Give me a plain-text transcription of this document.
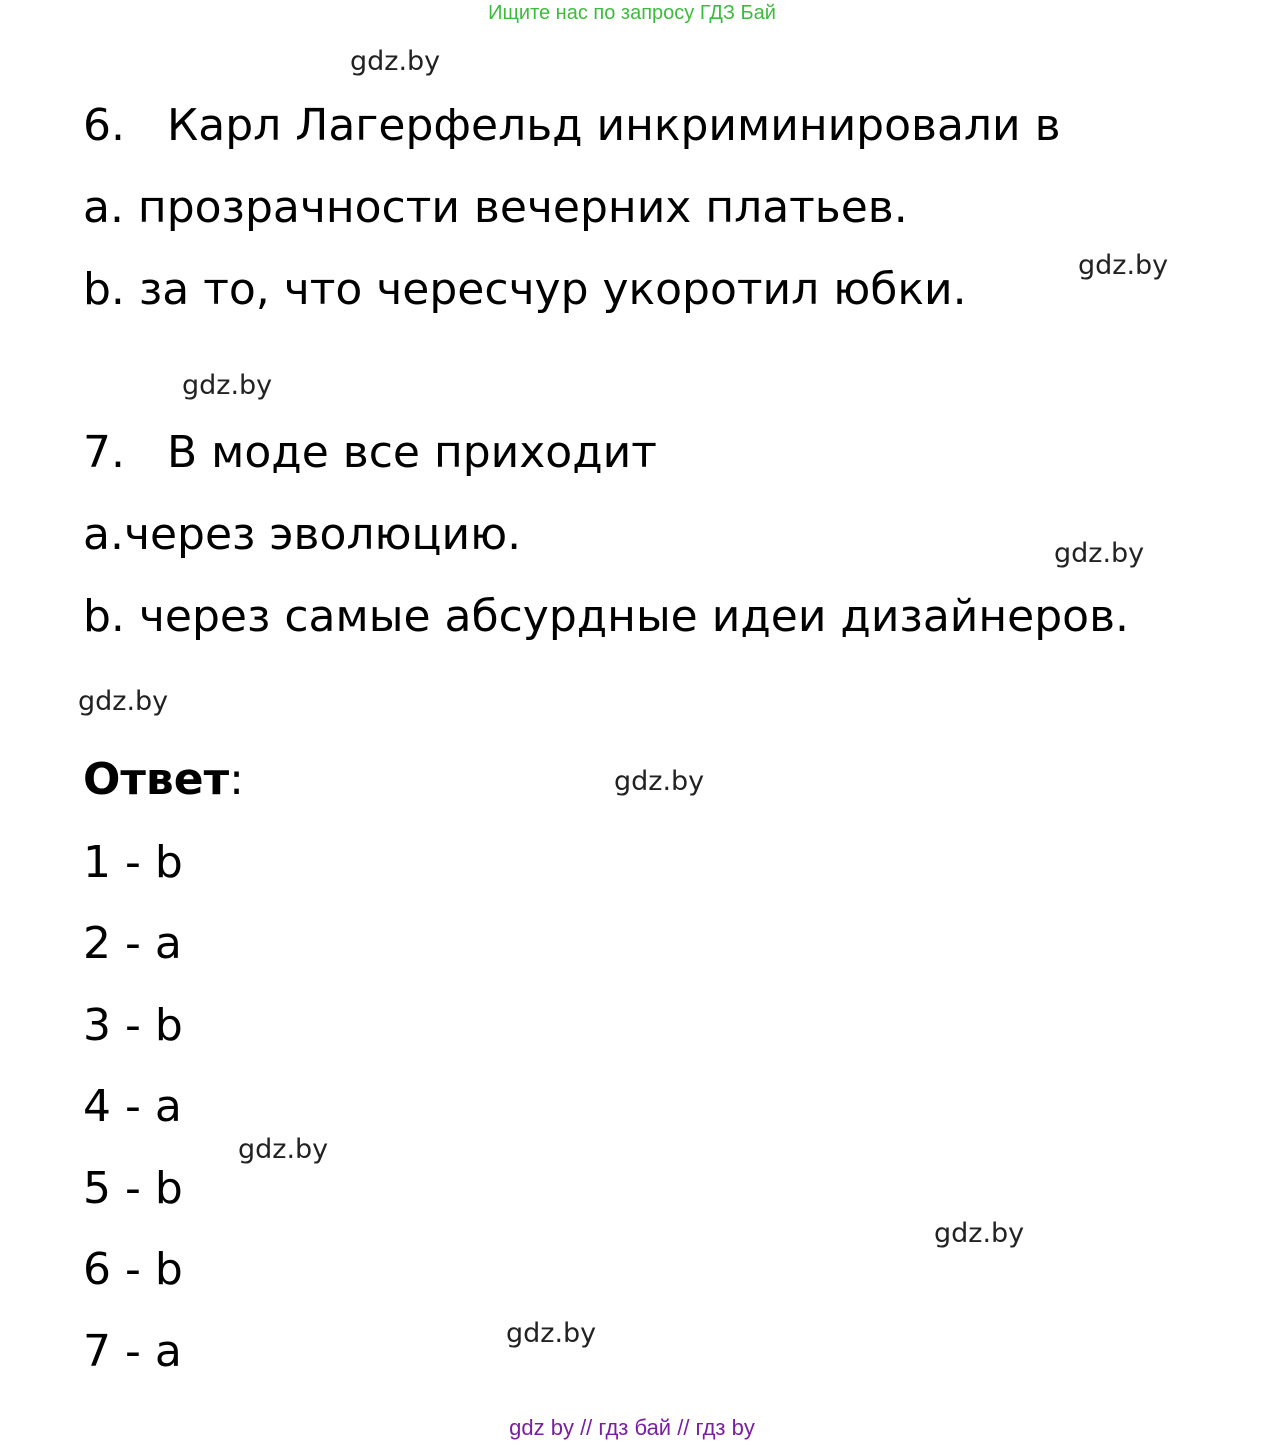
Ищите нас по запросу ГДЗ Бай
6. Карл Лагерфельд инкриминировали в
a. прозрачности вечерних платьев.
b. за то, что чересчур укоротил юбки.
7. В моде все приходит
a.через эволюцию.
b. через самые абсурдные идеи дизайнеров.
Ответ:
1 - b
2 - a
3 - b
4 - a
5 - b
6 - b
7 - a
gdz.by
gdz.by
gdz.by
gdz.by
gdz.by
gdz.by
gdz.by
gdz.by
gdz.by
gdz by // гдз бай // гдз by
